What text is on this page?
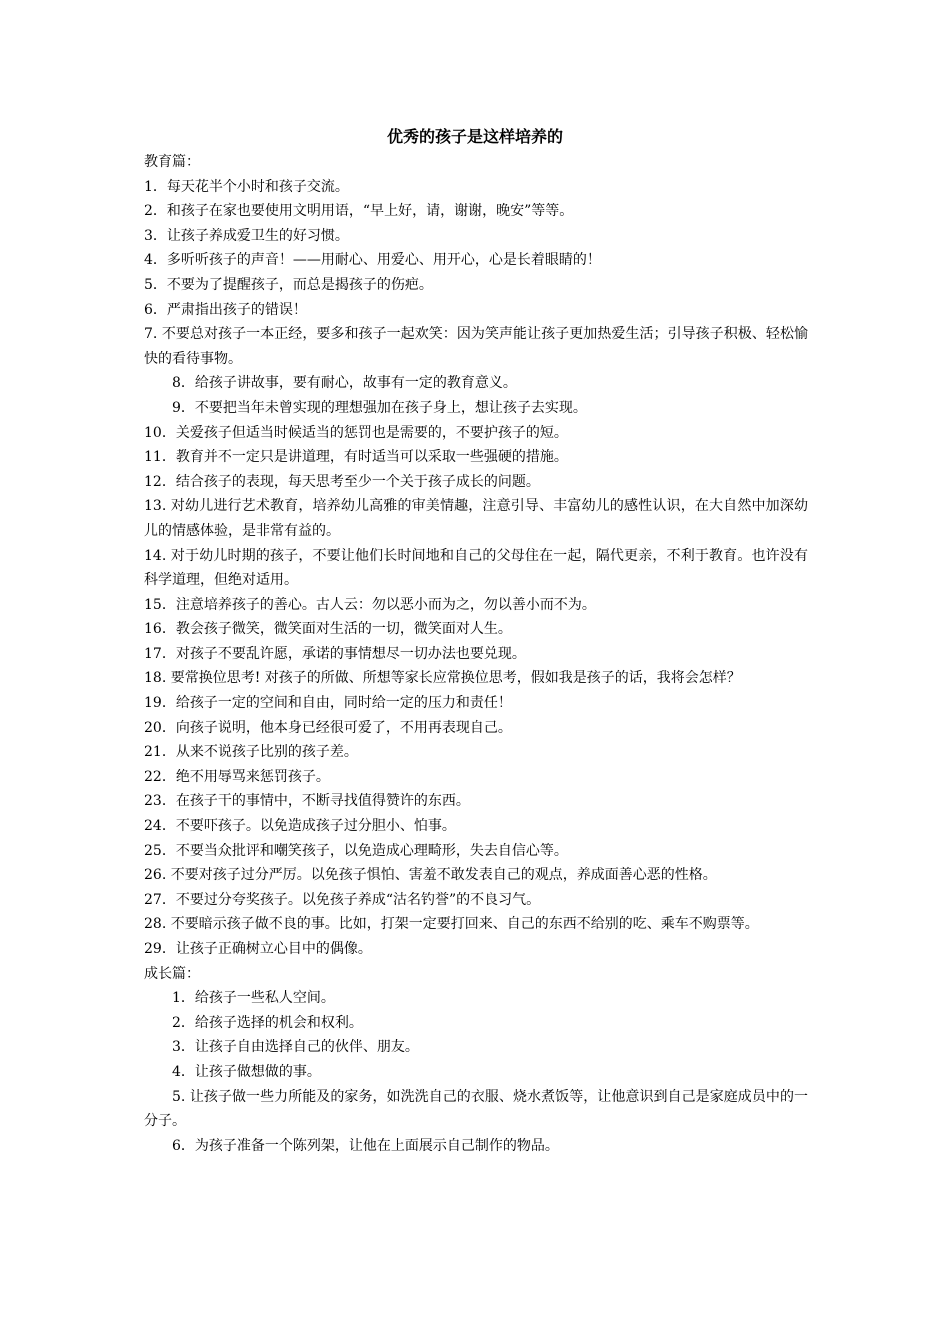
优秀的孩子是这样培养的

教育篇：

1．每天花半个小时和孩子交流。

2．和孩子在家也要使用文明用语，“早上好，请，谢谢，晚安”等等。

3．让孩子养成爱卫生的好习惯。

4．多听听孩子的声音！——用耐心、用爱心、用开心，心是长着眼睛的！

5．不要为了提醒孩子，而总是揭孩子的伤疤。

6．严肃指出孩子的错误！

7. 不要总对孩子一本正经，要多和孩子一起欢笑：因为笑声能让孩子更加热爱生活；引导孩子积极、轻松愉快的看待事物。

8．给孩子讲故事，要有耐心，故事有一定的教育意义。

9．不要把当年未曾实现的理想强加在孩子身上，想让孩子去实现。

10．关爱孩子但适当时候适当的惩罚也是需要的，不要护孩子的短。

11．教育并不一定只是讲道理，有时适当可以采取一些强硬的措施。

12．结合孩子的表现，每天思考至少一个关于孩子成长的问题。

13. 对幼儿进行艺术教育，培养幼儿高雅的审美情趣，注意引导、丰富幼儿的感性认识，在大自然中加深幼儿的情感体验，是非常有益的。

14. 对于幼儿时期的孩子，不要让他们长时间地和自己的父母住在一起，隔代更亲，不利于教育。也许没有科学道理，但绝对适用。

15．注意培养孩子的善心。古人云：勿以恶小而为之，勿以善小而不为。

16．教会孩子微笑，微笑面对生活的一切，微笑面对人生。

17．对孩子不要乱许愿，承诺的事情想尽一切办法也要兑现。

18. 要常换位思考! 对孩子的所做、所想等家长应常换位思考，假如我是孩子的话，我将会怎样？

19．给孩子一定的空间和自由，同时给一定的压力和责任！

20．向孩子说明，他本身已经很可爱了，不用再表现自己。

21．从来不说孩子比别的孩子差。

22．绝不用辱骂来惩罚孩子。

23．在孩子干的事情中，不断寻找值得赞许的东西。

24．不要吓孩子。以免造成孩子过分胆小、怕事。

25．不要当众批评和嘲笑孩子，以免造成心理畸形，失去自信心等。

26. 不要对孩子过分严厉。以免孩子惧怕、害羞不敢发表自己的观点，养成面善心恶的性格。

27．不要过分夸奖孩子。以免孩子养成“沽名钓誉”的不良习气。

28. 不要暗示孩子做不良的事。比如，打架一定要打回来、自己的东西不给别的吃、乘车不购票等。

29．让孩子正确树立心目中的偶像。

成长篇：

1．给孩子一些私人空间。

2．给孩子选择的机会和权利。

3．让孩子自由选择自己的伙伴、朋友。

4．让孩子做想做的事。

5. 让孩子做一些力所能及的家务，如洗洗自己的衣服、烧水煮饭等，让他意识到自己是家庭成员中的一分子。

6．为孩子准备一个陈列架，让他在上面展示自己制作的物品。
